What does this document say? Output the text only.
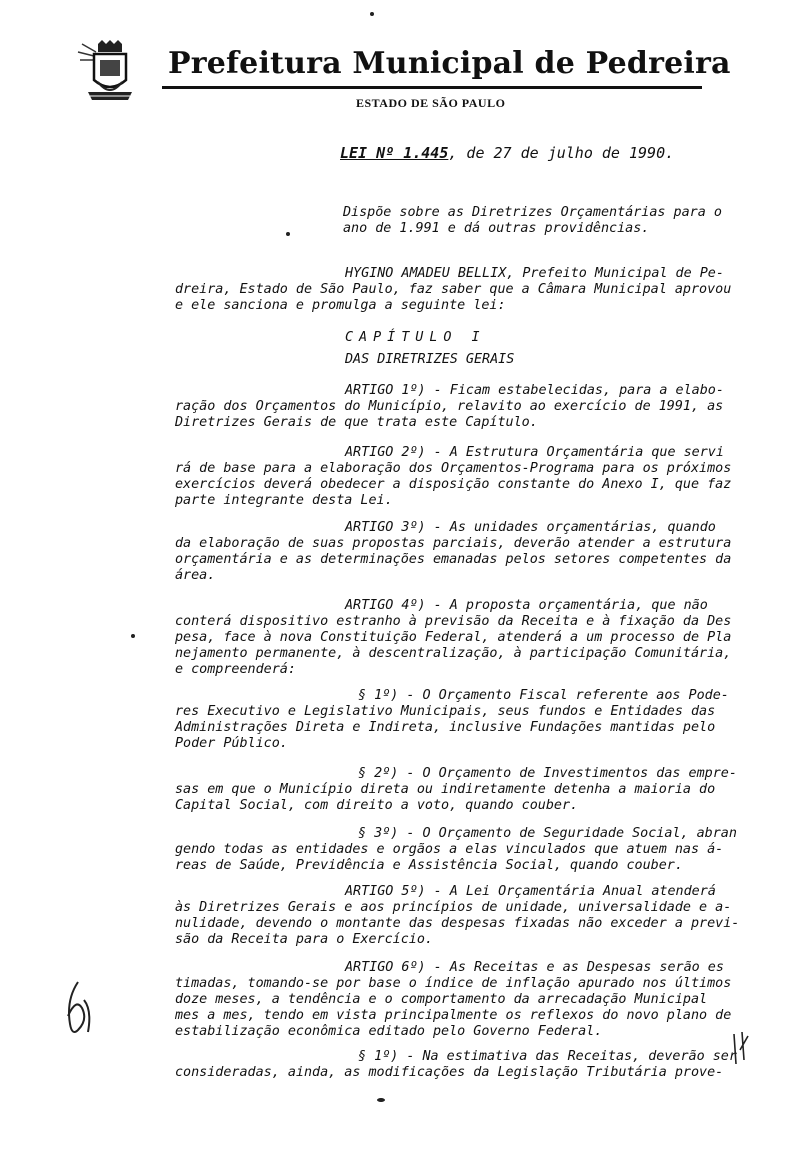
Prefeitura Municipal de Pedreira
ESTADO DE SÃO PAULO
LEI Nº 1.445, de 27 de julho de 1990.
Dispõe sobre as Diretrizes Orçamentárias para o
ano de 1.991 e dá outras providências.
HYGINO AMADEU BELLIX, Prefeito Municipal de Pe-
dreira, Estado de São Paulo, faz saber que a Câmara Municipal aprovou
e ele sanciona e promulga a seguinte lei:
CAPÍTULO I
DAS DIRETRIZES GERAIS
ARTIGO 1º) - Ficam estabelecidas, para a elabo-
ração dos Orçamentos do Município, relavito ao exercício de 1991, as
Diretrizes Gerais de que trata este Capítulo.
ARTIGO 2º) - A Estrutura Orçamentária que servi
rá de base para a elaboração dos Orçamentos-Programa para os próximos
exercícios deverá obedecer a disposição constante do Anexo I, que faz
parte integrante desta Lei.
ARTIGO 3º) - As unidades orçamentárias, quando
da elaboração de suas propostas parciais, deverão atender a estrutura
orçamentária e as determinações emanadas pelos setores competentes da
área.
ARTIGO 4º) - A proposta orçamentária, que não
conterá dispositivo estranho à previsão da Receita e à fixação da Des
pesa, face à nova Constituição Federal, atenderá a um processo de Pla
nejamento permanente, à descentralização, à participação Comunitária,
e compreenderá:
§ 1º) - O Orçamento Fiscal referente aos Pode-
res Executivo e Legislativo Municipais, seus fundos e Entidades das
Administrações Direta e Indireta, inclusive Fundações mantidas pelo
Poder Público.
§ 2º) - O Orçamento de Investimentos das empre-
sas em que o Município direta ou indiretamente detenha a maioria do
Capital Social, com direito a voto, quando couber.
§ 3º) - O Orçamento de Seguridade Social, abran
gendo todas as entidades e orgãos a elas vinculados que atuem nas á-
reas de Saúde, Previdência e Assistência Social, quando couber.
ARTIGO 5º) - A Lei Orçamentária Anual atenderá
às Diretrizes Gerais e aos princípios de unidade, universalidade e a-
nulidade, devendo o montante das despesas fixadas não exceder a previ-
são da Receita para o Exercício.
ARTIGO 6º) - As Receitas e as Despesas serão es
timadas, tomando-se por base o índice de inflação apurado nos últimos
doze meses, a tendência e o comportamento da arrecadação Municipal
mes a mes, tendo em vista principalmente os reflexos do novo plano de
estabilização econômica editado pelo Governo Federal.
§ 1º) - Na estimativa das Receitas, deverão ser
consideradas, ainda, as modificações da Legislação Tributária prove-
